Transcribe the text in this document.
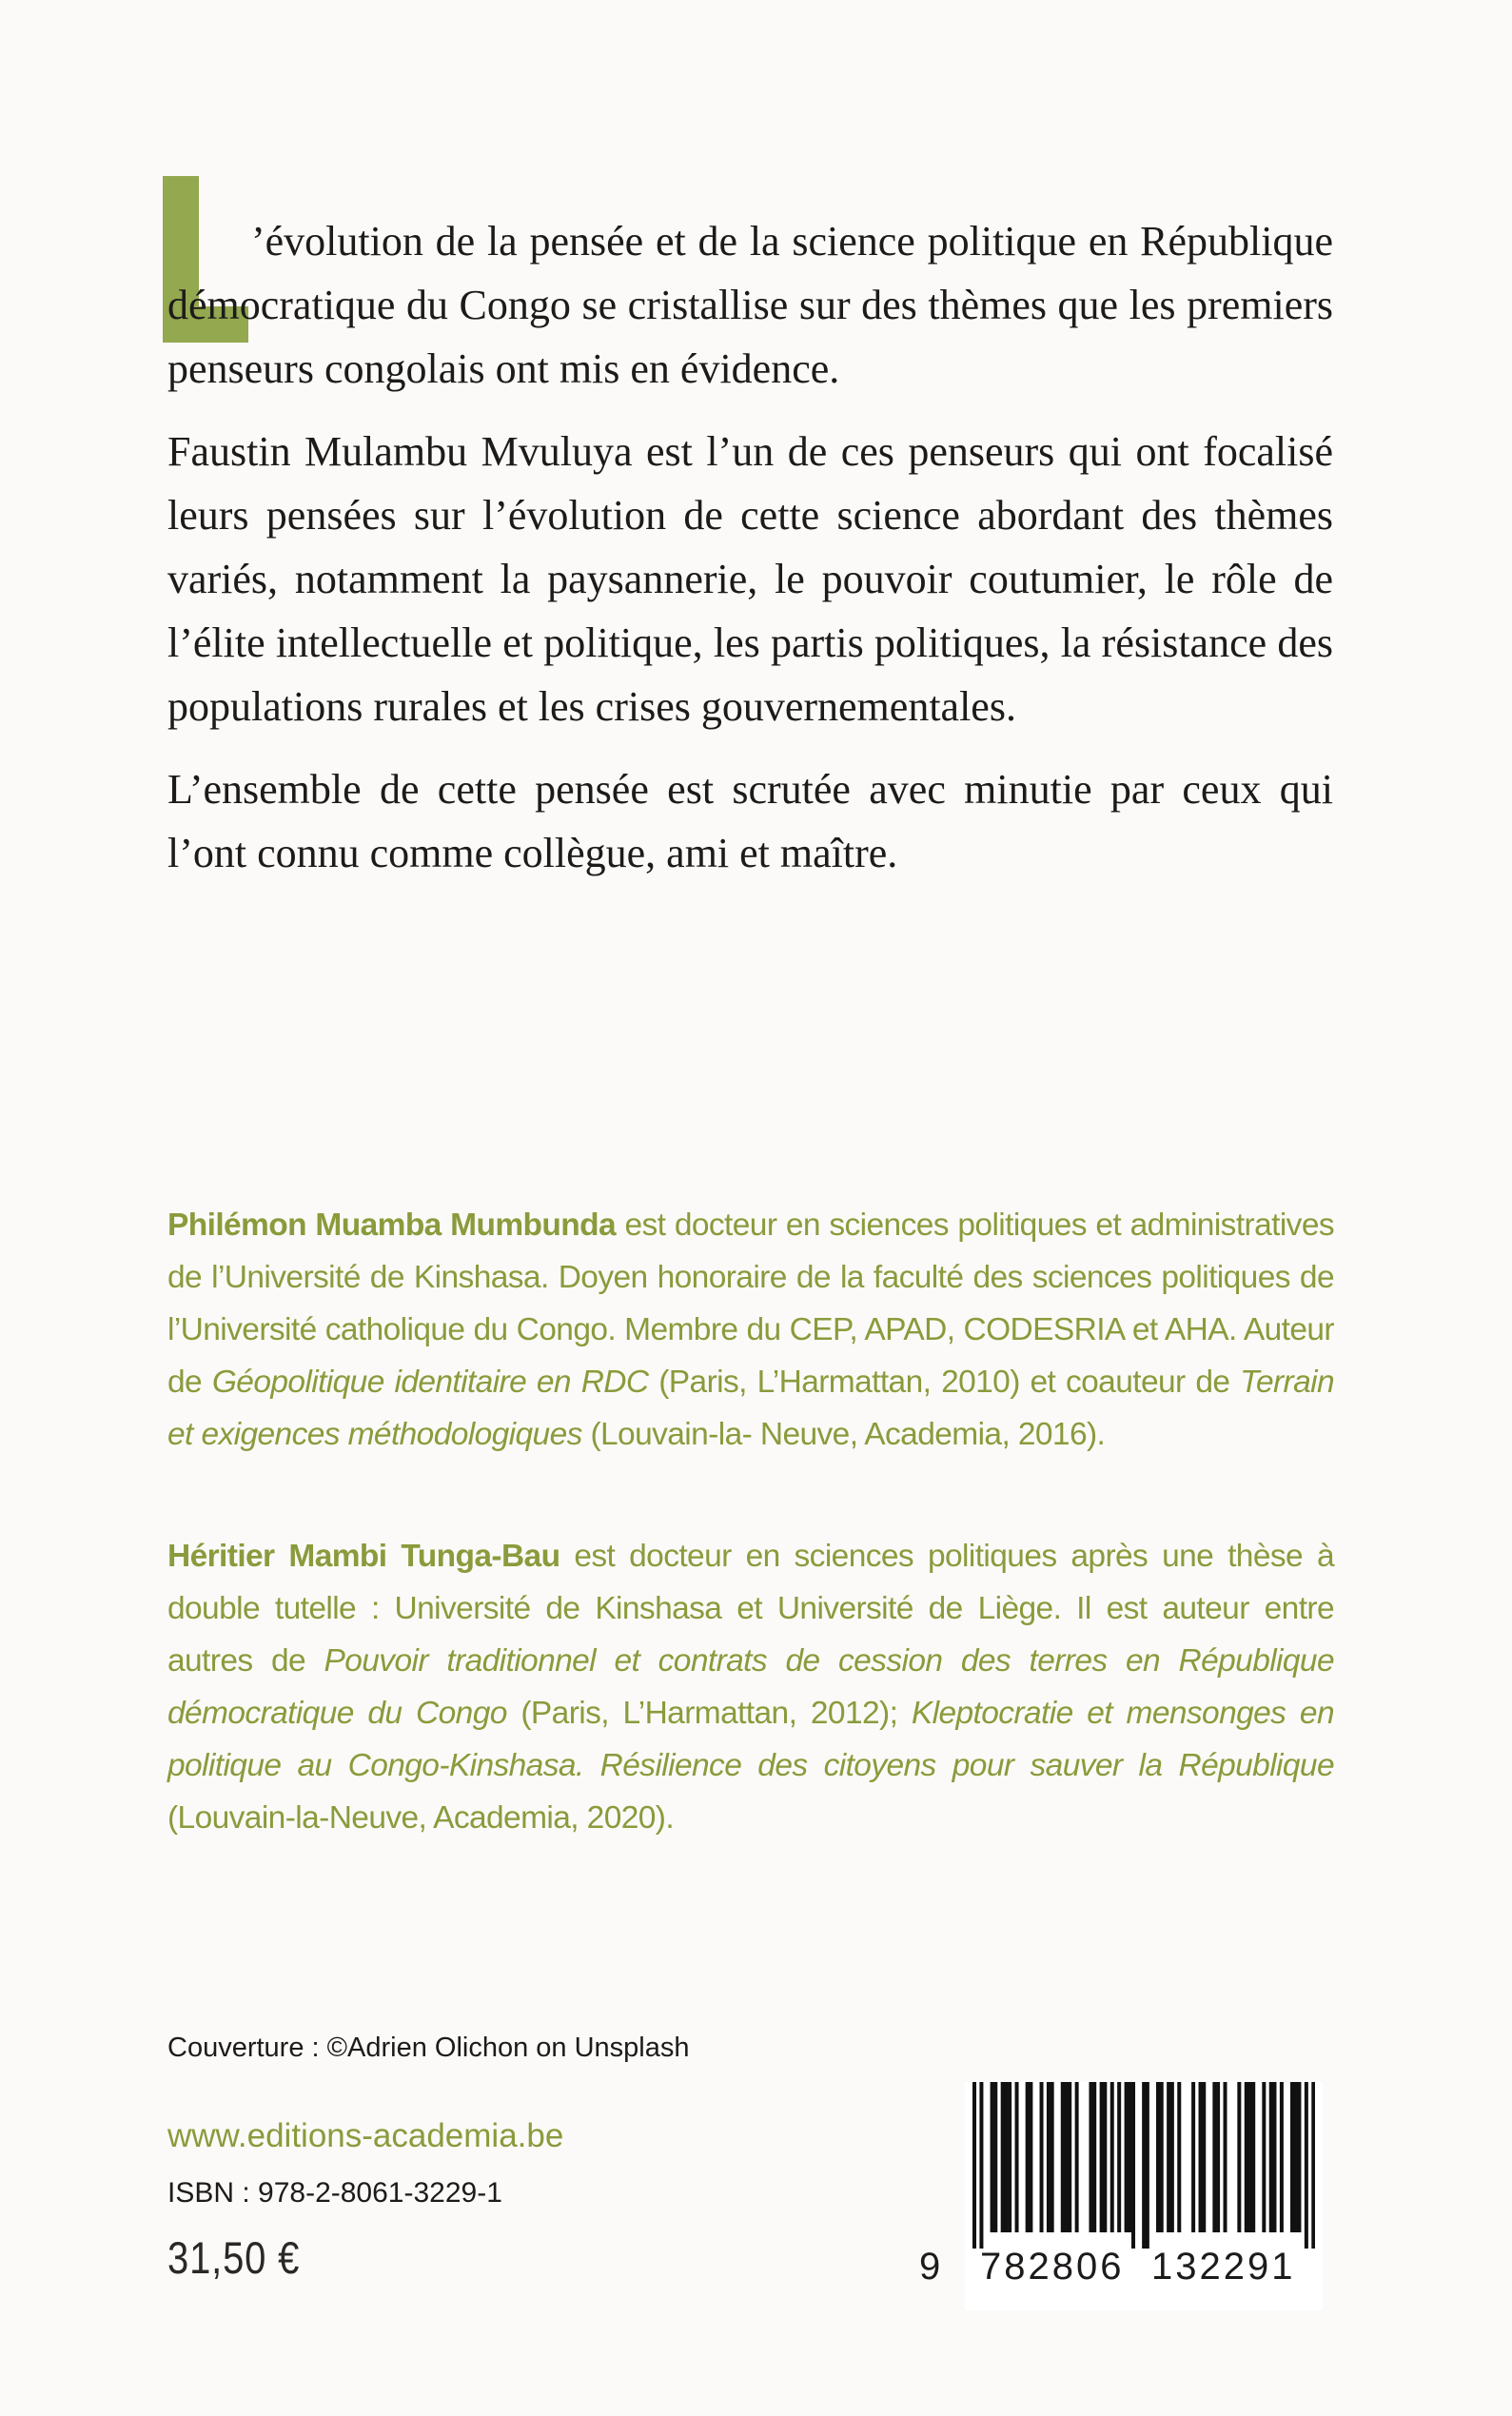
’évolution de la pensée et de la science politique en République démocratique du Congo se cristallise sur des thèmes que les premiers penseurs congolais ont mis en évidence.

Faustin Mulambu Mvuluya est l’un de ces penseurs qui ont focalisé leurs pensées sur l’évolution de cette science abordant des thèmes variés, notamment la paysannerie, le pouvoir coutumier, le rôle de l’élite intellectuelle et politique, les partis politiques, la résistance des populations rurales et les crises gouvernementales.

L’ensemble de cette pensée est scrutée avec minutie par ceux qui l’ont connu comme collègue, ami et maître.

Philémon Muamba Mumbunda est docteur en sciences politiques et administratives de l’Université de Kinshasa. Doyen honoraire de la faculté des sciences politiques de l’Université catholique du Congo. Membre du CEP, APAD, CODESRIA et AHA. Auteur de Géopolitique identitaire en RDC (Paris, L’Harmattan, 2010) et coauteur de Terrain et exigences méthodologiques (Louvain-la- Neuve, Academia, 2016).
Héritier Mambi Tunga-Bau est docteur en sciences politiques après une thèse à double tutelle : Université de Kinshasa et Université de Liège. Il est auteur entre autres de Pouvoir traditionnel et contrats de cession des terres en République démocratique du Congo (Paris, L’Harmattan, 2012); Kleptocratie et mensonges en politique au Congo-Kinshasa. Résilience des citoyens pour sauver la République (Louvain-la-Neuve, Academia, 2020).
Couverture : ©Adrien Olichon on Unsplash
www.editions-academia.be
ISBN : 978-2-8061-3229-1
31,50 €	9 782806 132291
